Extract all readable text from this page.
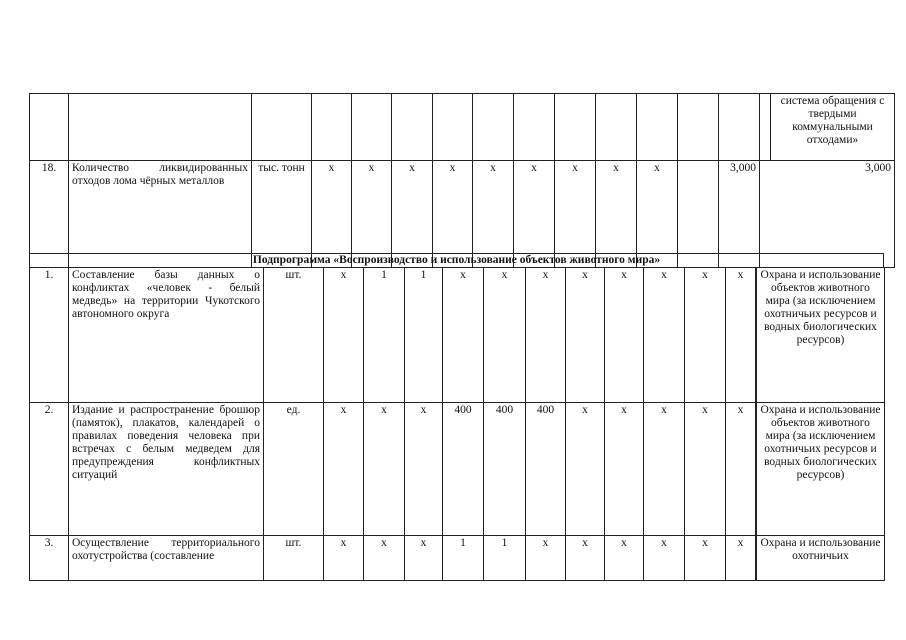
															система обращения с твердыми коммунальными отходами»	
18.	Количество ликвидированных отходов лома чёрных металлов	тыс. тонн	х	х	х	х	х	х	х	х	х		3,000	3,000	
Подпрограмма «Воспроизводство и использование объектов животного мира»
1.	Составление базы данных о конфликтах «человек - белый медведь» на территории Чукотского автономного округа	шт.	х	1	1	х	х	х	х	х	х	х	х		Охрана и использование объектов животного мира (за исключением охотничьих ресурсов и водных биологических ресурсов)
2.	Издание и распространение брошюр (памяток), плакатов, календарей о правилах поведения человека при встречах с белым медведем для предупреждения конфликтных ситуаций	ед.	х	х	х	400	400	400	х	х	х	х	х		Охрана и использование объектов животного мира (за исключением охотничьих ресурсов и водных биологических ресурсов)
3.	Осуществление территориального охотустройства (составление	шт.	х	х	х	1	1	х	х	х	х	х	х		Охрана и использование охотничьих
